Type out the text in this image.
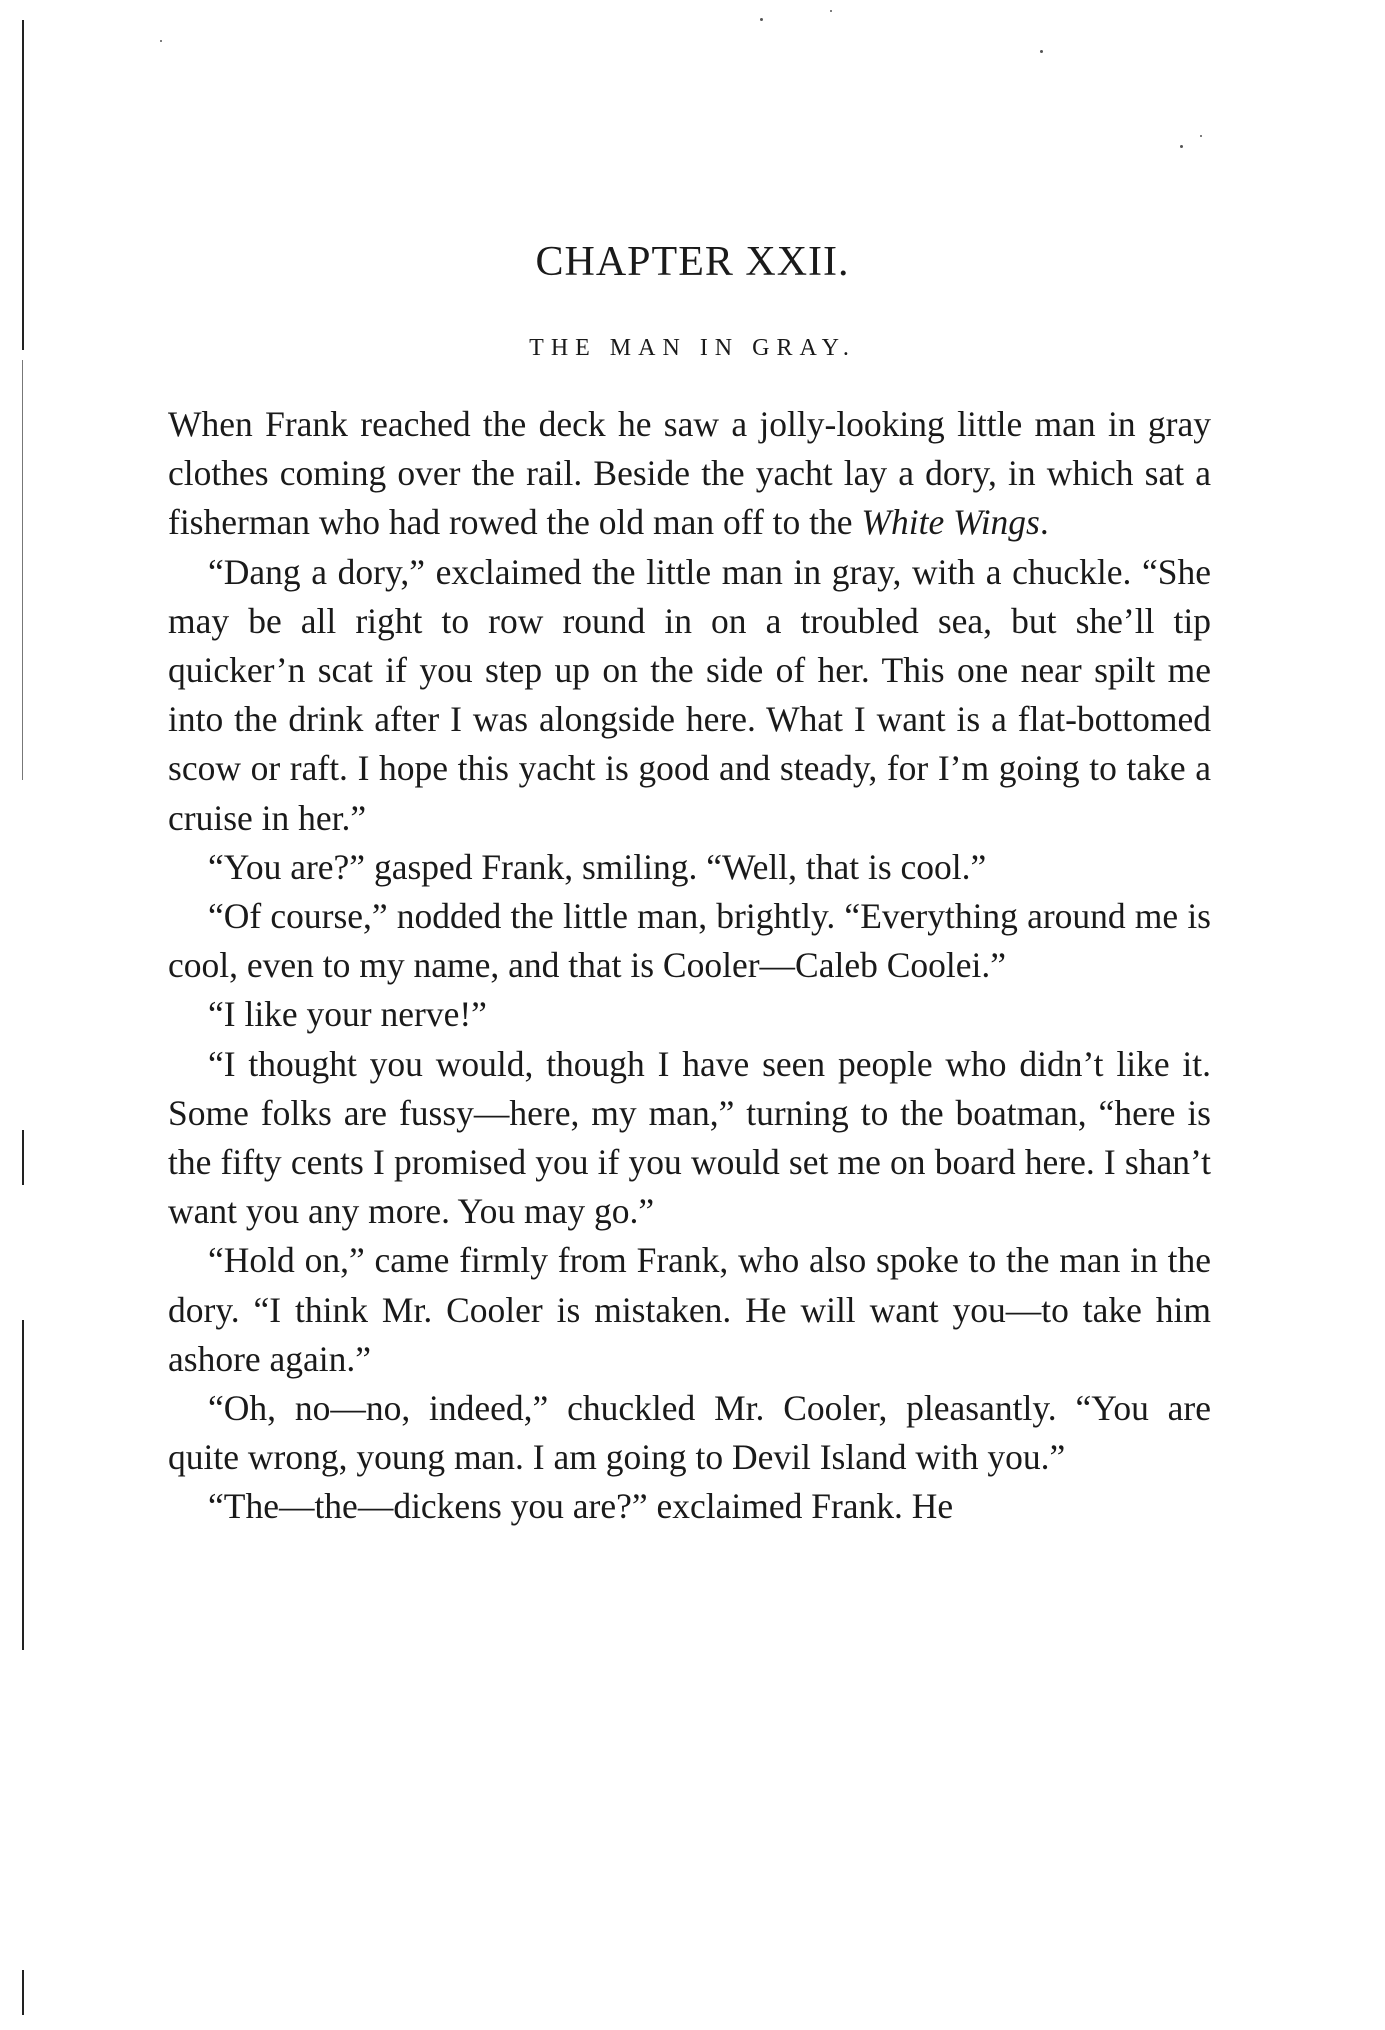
CHAPTER XXII.
THE MAN IN GRAY.

When Frank reached the deck he saw a jolly-looking little man in gray clothes coming over the rail. Beside the yacht lay a dory, in which sat a fisherman who had rowed the old man off to the White Wings.

“Dang a dory,” exclaimed the little man in gray, with a chuckle. “She may be all right to row round in on a troubled sea, but she’ll tip quicker’n scat if you step up on the side of her. This one near spilt me into the drink after I was alongside here. What I want is a flat-bottomed scow or raft. I hope this yacht is good and steady, for I’m going to take a cruise in her.”

“You are?” gasped Frank, smiling. “Well, that is cool.”

“Of course,” nodded the little man, brightly. “Everything around me is cool, even to my name, and that is Cooler—Caleb Coolei.”

“I like your nerve!”

“I thought you would, though I have seen people who didn’t like it. Some folks are fussy—here, my man,” turning to the boatman, “here is the fifty cents I promised you if you would set me on board here. I shan’t want you any more. You may go.”

“Hold on,” came firmly from Frank, who also spoke to the man in the dory. “I think Mr. Cooler is mistaken. He will want you—to take him ashore again.”

“Oh, no—no, indeed,” chuckled Mr. Cooler, pleasantly. “You are quite wrong, young man. I am going to Devil Island with you.”

“The—the—dickens you are?” exclaimed Frank. He
